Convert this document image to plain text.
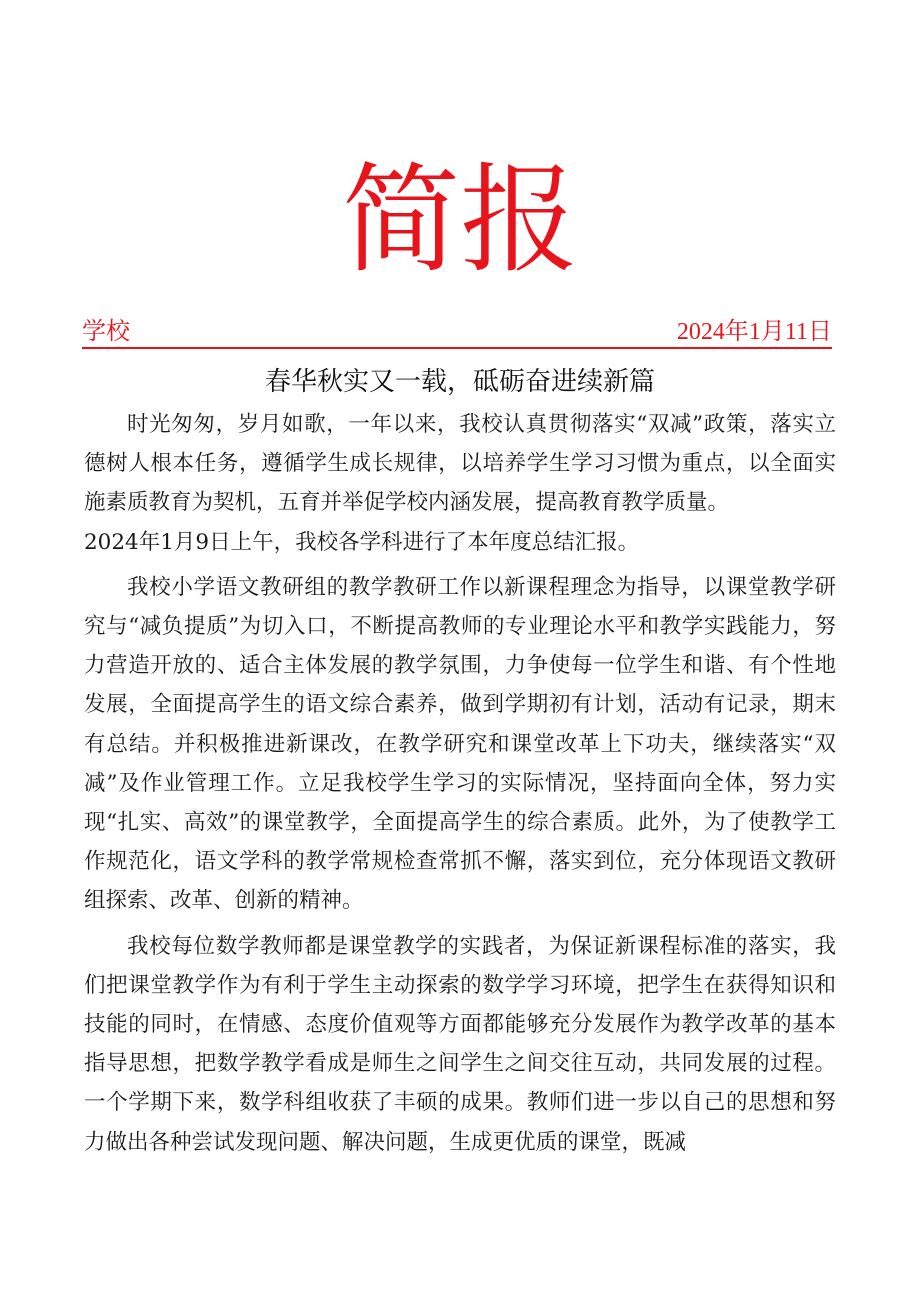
简报
学校	2024年1月11日
春华秋实又一载，砥砺奋进续新篇

时光匆匆，岁月如歌，一年以来，我校认真贯彻落实“双减”政策，落实立德树人根本任务，遵循学生成长规律，以培养学生学习习惯为重点，以全面实施素质教育为契机，五育并举促学校内涵发展，提高教育教学质量。

2024年1月9日上午，我校各学科进行了本年度总结汇报。

我校小学语文教研组的教学教研工作以新课程理念为指导，以课堂教学研究与“减负提质”为切入口，不断提高教师的专业理论水平和教学实践能力，努力营造开放的、适合主体发展的教学氛围，力争使每一位学生和谐、有个性地发展，全面提高学生的语文综合素养，做到学期初有计划，活动有记录，期末有总结。并积极推进新课改，在教学研究和课堂改革上下功夫，继续落实“双减”及作业管理工作。立足我校学生学习的实际情况，坚持面向全体，努力实现“扎实、高效”的课堂教学，全面提高学生的综合素质。此外，为了使教学工作规范化，语文学科的教学常规检查常抓不懈，落实到位，充分体现语文教研组探索、改革、创新的精神。

我校每位数学教师都是课堂教学的实践者，为保证新课程标准的落实，我们把课堂教学作为有利于学生主动探索的数学学习环境，把学生在获得知识和技能的同时，在情感、态度价值观等方面都能够充分发展作为教学改革的基本指导思想，把数学教学看成是师生之间学生之间交往互动，共同发展的过程。一个学期下来，数学科组收获了丰硕的成果。教师们进一步以自己的思想和努力做出各种尝试发现问题、解决问题，生成更优质的课堂，既减
